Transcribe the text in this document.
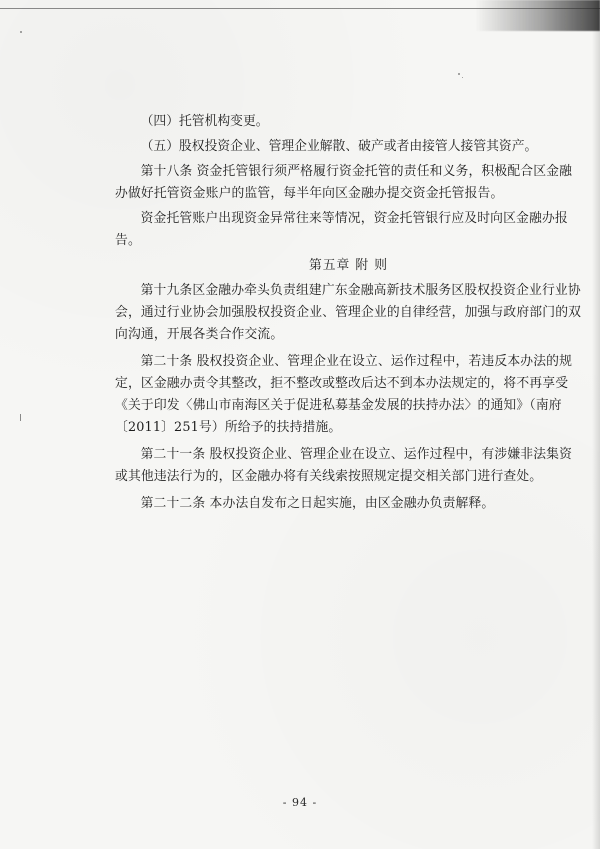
（四）托管机构变更。

（五）股权投资企业、管理企业解散、破产或者由接管人接管其资产。

第十八条 资金托管银行须严格履行资金托管的责任和义务，积极配合区金融办做好托管资金账户的监管，每半年向区金融办提交资金托管报告。

资金托管账户出现资金异常往来等情况，资金托管银行应及时向区金融办报告。

第五章 附 则

第十九条区金融办牵头负责组建广东金融高新技术服务区股权投资企业行业协会，通过行业协会加强股权投资企业、管理企业的自律经营，加强与政府部门的双向沟通，开展各类合作交流。

第二十条 股权投资企业、管理企业在设立、运作过程中，若违反本办法的规定，区金融办责令其整改，拒不整改或整改后达不到本办法规定的，将不再享受《关于印发〈佛山市南海区关于促进私募基金发展的扶持办法〉的通知》（南府〔2011〕251号）所给予的扶持措施。

第二十一条 股权投资企业、管理企业在设立、运作过程中，有涉嫌非法集资或其他违法行为的，区金融办将有关线索按照规定提交相关部门进行查处。

第二十二条 本办法自发布之日起实施，由区金融办负责解释。

- 94 -
